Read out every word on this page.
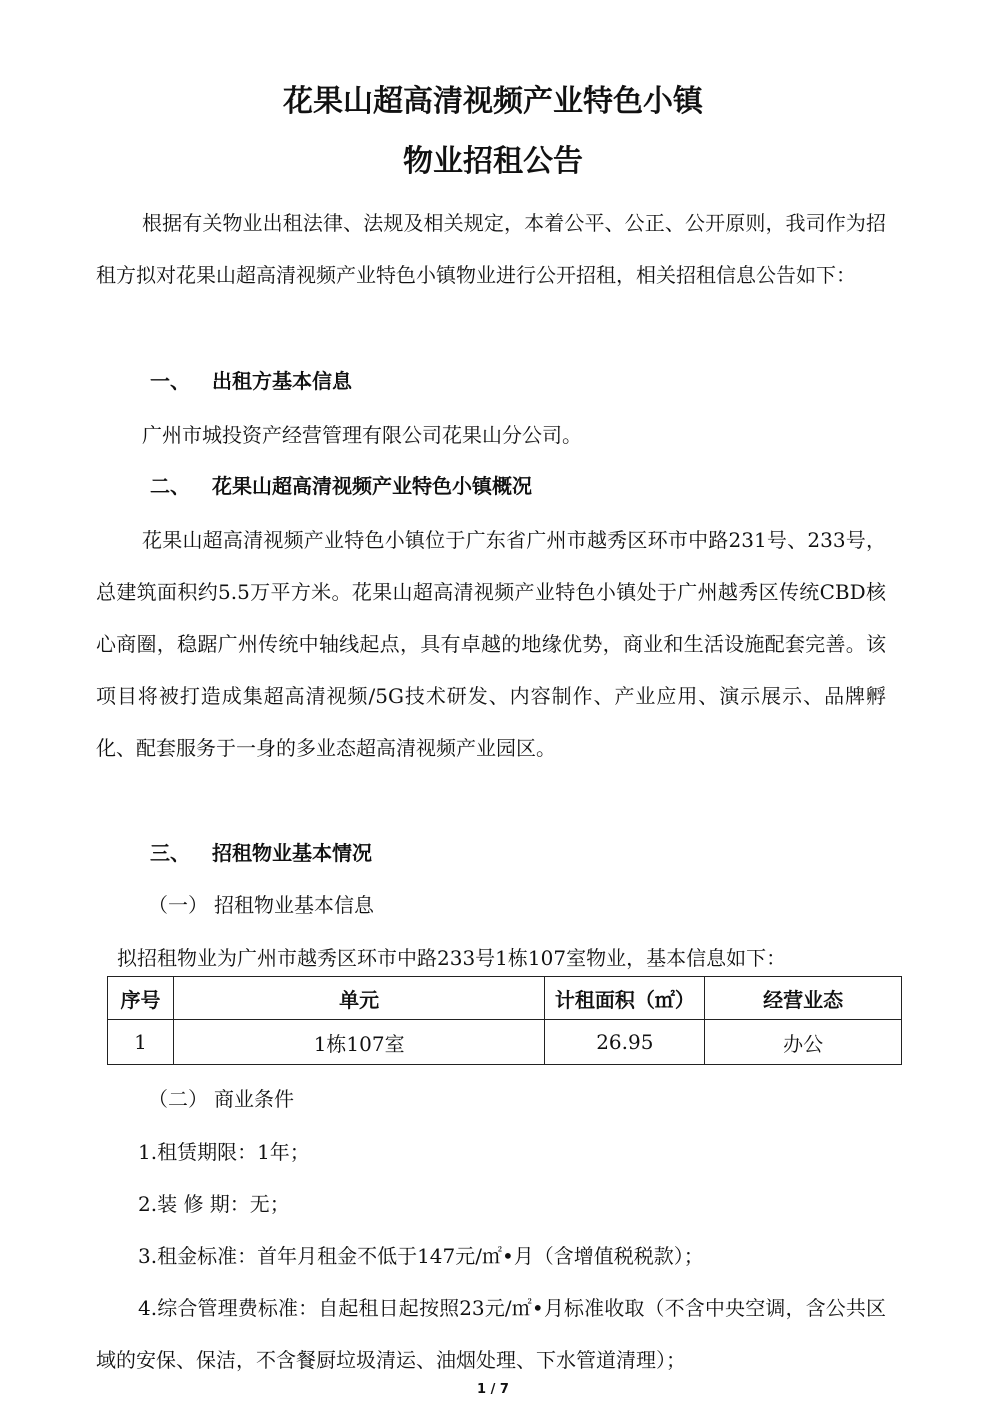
花果山超高清视频产业特色小镇
物业招租公告
根据有关物业出租法律、法规及相关规定，本着公平、公正、公开原则，我司作为招租方拟对花果山超高清视频产业特色小镇物业进行公开招租，相关招租信息公告如下：
一、 出租方基本信息
广州市城投资产经营管理有限公司花果山分公司。
二、 花果山超高清视频产业特色小镇概况
花果山超高清视频产业特色小镇位于广东省广州市越秀区环市中路231号、233号，总建筑面积约5.5万平方米。花果山超高清视频产业特色小镇处于广州越秀区传统CBD核心商圈，稳踞广州传统中轴线起点，具有卓越的地缘优势，商业和生活设施配套完善。该项目将被打造成集超高清视频/5G技术研发、内容制作、产业应用、演示展示、品牌孵化、配套服务于一身的多业态超高清视频产业园区。
三、 招租物业基本情况
（一） 招租物业基本信息
拟招租物业为广州市越秀区环市中路233号1栋107室物业，基本信息如下：
序号	单元	计租面积（㎡）	经营业态
1	1栋107室	26.95	办公
（二） 商业条件
1.租赁期限：1年；
2.装 修 期：无；
3.租金标准：首年月租金不低于147元/㎡•月（含增值税税款）；
4.综合管理费标准：自起租日起按照23元/㎡•月标准收取（不含中央空调，含公共区域的安保、保洁，不含餐厨垃圾清运、油烟处理、下水管道清理）；
1 / 7
